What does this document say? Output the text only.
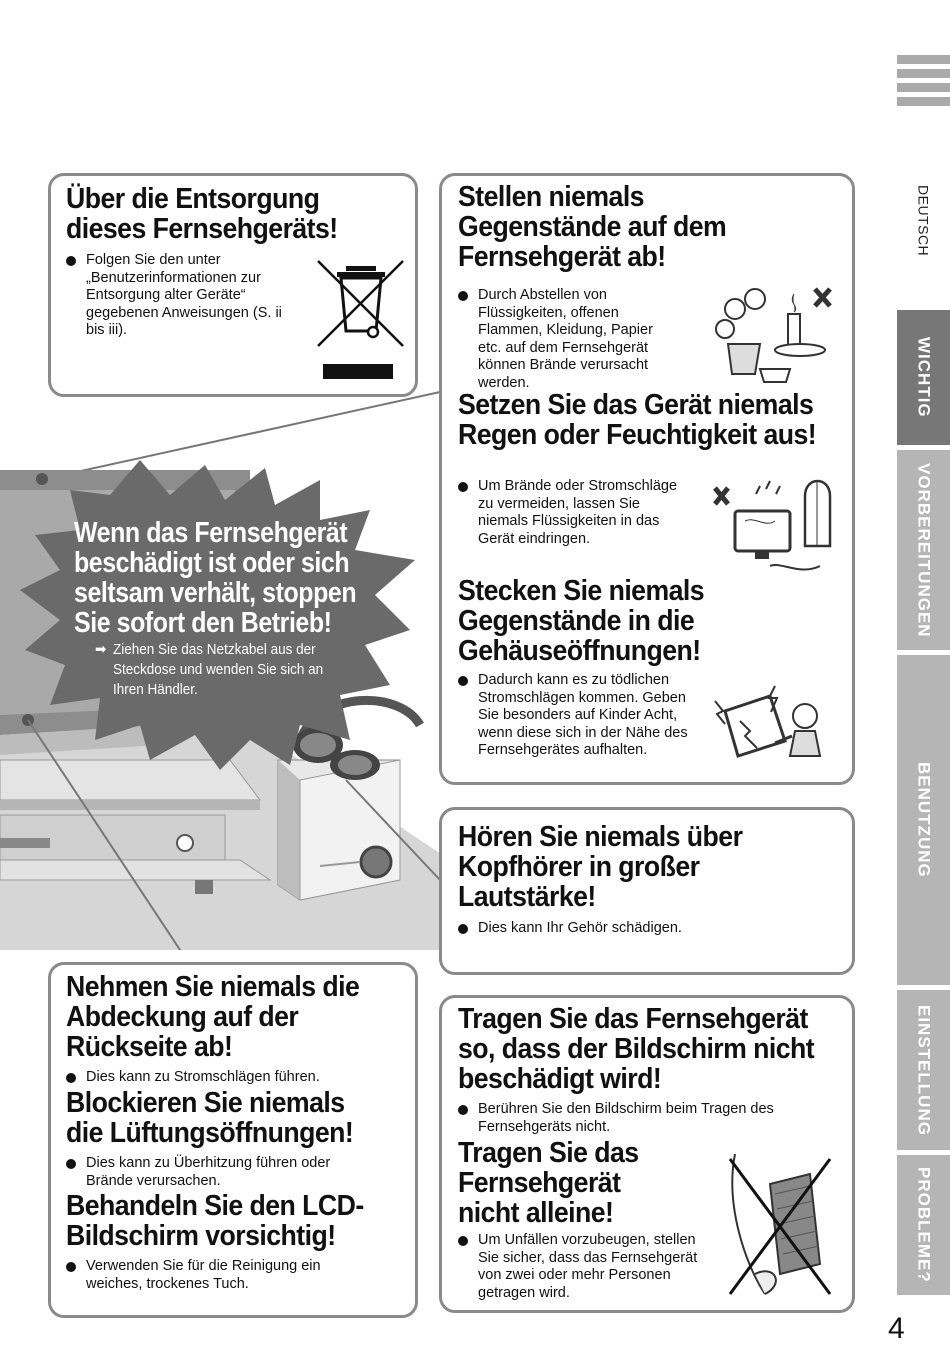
Wenn das Fernsehgerät
beschädigt ist oder sich
seltsam verhält, stoppen
Sie sofort den Betrieb!
➡ Ziehen Sie das Netzkabel aus der Steckdose und wenden Sie sich an Ihren Händler.
Über die Entsorgung
dieses Fernsehgeräts!

Folgen Sie den unter „Benutzerinformationen zur Entsorgung alter Geräte“ gegebenen Anweisungen (S. ii bis iii).

Stellen niemals
Gegenstände auf dem
Fernsehgerät ab!

Durch Abstellen von Flüssigkeiten, offenen Flammen, Kleidung, Papier etc. auf dem Fernsehgerät können Brände verursacht werden.

Setzen Sie das Gerät niemals
Regen oder Feuchtigkeit aus!

Um Brände oder Stromschläge zu vermeiden, lassen Sie niemals Flüssigkeiten in das Gerät eindringen.

Stecken Sie niemals
Gegenstände in die
Gehäuseöffnungen!

Dadurch kann es zu tödlichen Stromschlägen kommen. Geben Sie besonders auf Kinder Acht, wenn diese sich in der Nähe des Fernsehgerätes aufhalten.

Hören Sie niemals über
Kopfhörer in großer
Lautstärke!

Dies kann Ihr Gehör schädigen.

Nehmen Sie niemals die
Abdeckung auf der
Rückseite ab!

Dies kann zu Stromschlägen führen.

Blockieren Sie niemals
die Lüftungsöffnungen!

Dies kann zu Überhitzung führen oder Brände verursachen.

Behandeln Sie den LCD-
Bildschirm vorsichtig!

Verwenden Sie für die Reinigung ein weiches, trockenes Tuch.

Tragen Sie das Fernsehgerät
so, dass der Bildschirm nicht
beschädigt wird!

Berühren Sie den Bildschirm beim Tragen des Fernsehgeräts nicht.

Tragen Sie das
Fernsehgerät
nicht alleine!

Um Unfällen vorzubeugen, stellen Sie sicher, dass das Fernsehgerät von zwei oder mehr Personen getragen wird.

DEUTSCH
WICHTIG
VORBEREITUNGEN
BENUTZUNG
EINSTELLUNG
PROBLEME?
4
